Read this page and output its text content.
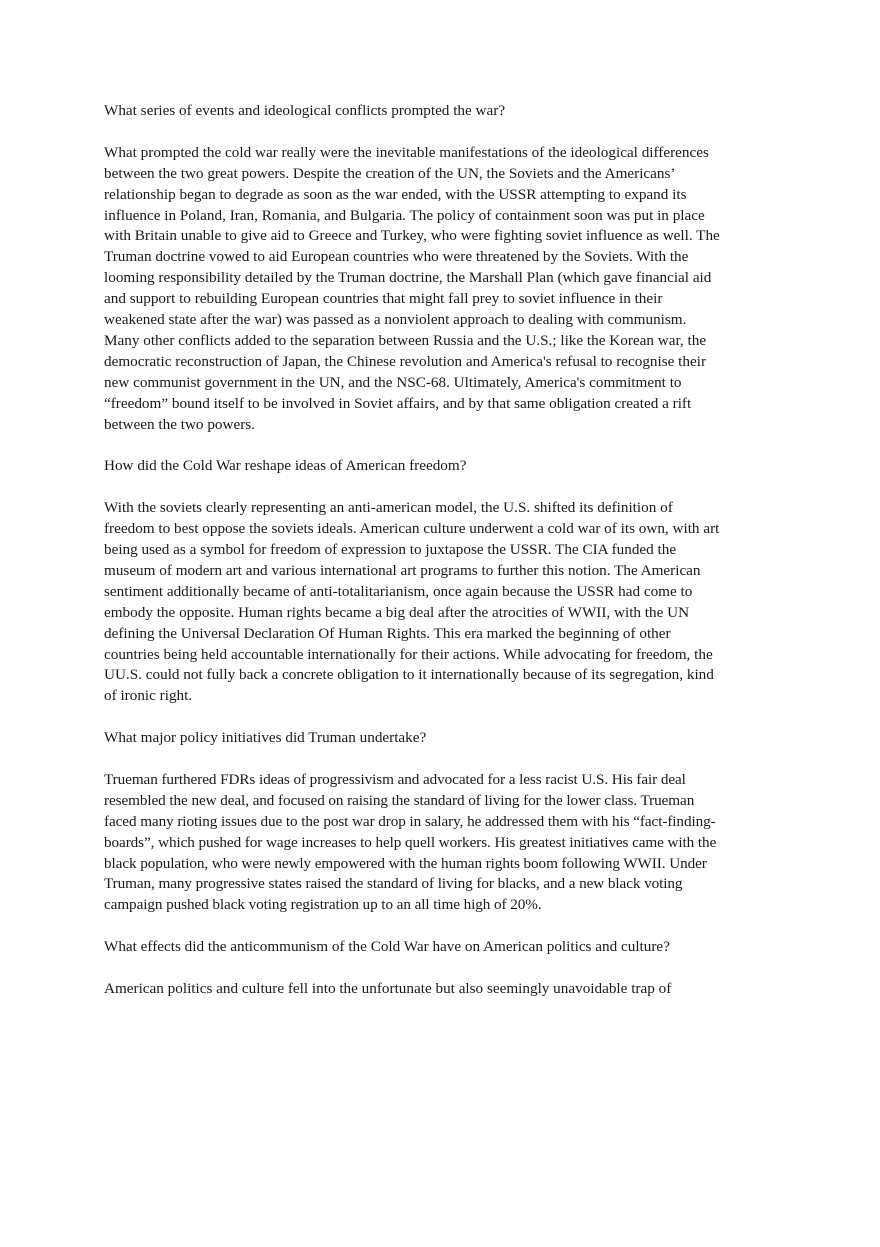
What series of events and ideological conflicts prompted the war?

What prompted the cold war really were the inevitable manifestations of the ideological differences between the two great powers. Despite the creation of the UN, the Soviets and the Americans’ relationship began to degrade as soon as the war ended, with the USSR attempting to expand its influence in Poland, Iran, Romania, and Bulgaria. The policy of containment soon was put in place with Britain unable to give aid to Greece and Turkey, who were fighting soviet influence as well. The Truman doctrine vowed to aid European countries who were threatened by the Soviets. With the looming responsibility detailed by the Truman doctrine, the Marshall Plan (which gave financial aid and support to rebuilding European countries that might fall prey to soviet influence in their weakened state after the war) was passed as a nonviolent approach to dealing with communism. Many other conflicts added to the separation between Russia and the U.S.; like the Korean war, the democratic reconstruction of Japan, the Chinese revolution and America's refusal to recognise their new communist government in the UN, and the NSC-68. Ultimately, America's commitment to “freedom” bound itself to be involved in Soviet affairs, and by that same obligation created a rift between the two powers.

How did the Cold War reshape ideas of American freedom?

With the soviets clearly representing an anti-american model, the U.S. shifted its definition of freedom to best oppose the soviets ideals. American culture underwent a cold war of its own, with art being used as a symbol for freedom of expression to juxtapose the USSR. The CIA funded the museum of modern art and various international art programs to further this notion. The American sentiment additionally became of anti-totalitarianism, once again because the USSR had come to embody the opposite. Human rights became a big deal after the atrocities of WWII, with the UN defining the Universal Declaration Of Human Rights. This era marked the beginning of other countries being held accountable internationally for their actions. While advocating for freedom, the UU.S. could not fully back a concrete obligation to it internationally because of its segregation, kind of ironic right.

What major policy initiatives did Truman undertake?

Trueman furthered FDRs ideas of progressivism and advocated for a less racist U.S. His fair deal resembled the new deal, and focused on raising the standard of living for the lower class. Trueman faced many rioting issues due to the post war drop in salary, he addressed them with his “fact-finding-boards”, which pushed for wage increases to help quell workers. His greatest initiatives came with the black population, who were newly empowered with the human rights boom following WWII. Under Truman, many progressive states raised the standard of living for blacks, and a new black voting campaign pushed black voting registration up to an all time high of 20%.

What effects did the anticommunism of the Cold War have on American politics and culture?

American politics and culture fell into the unfortunate but also seemingly unavoidable trap of
